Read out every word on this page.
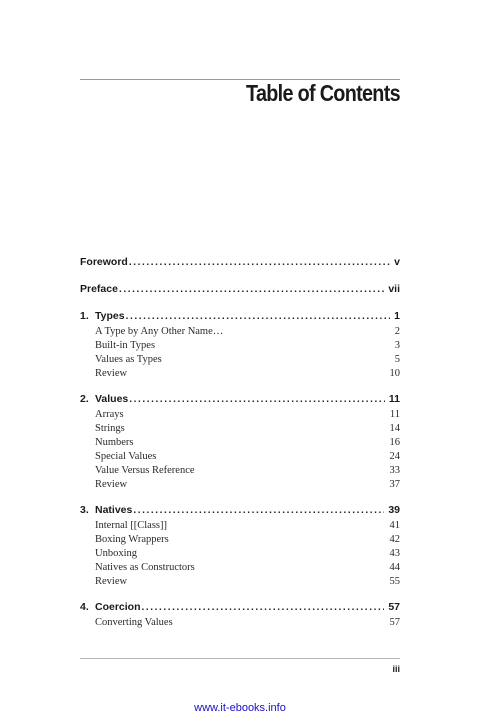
Table of Contents
Foreword .....	v
Preface .....	vii
1. Types .....	1
A Type by Any Other Name…	2
Built-in Types	3
Values as Types	5
Review	10
2. Values .....	11
Arrays	11
Strings	14
Numbers	16
Special Values	24
Value Versus Reference	33
Review	37
3. Natives .....	39
Internal [[Class]]	41
Boxing Wrappers	42
Unboxing	43
Natives as Constructors	44
Review	55
4. Coercion .....	57
Converting Values	57
iii
www.it-ebooks.info
